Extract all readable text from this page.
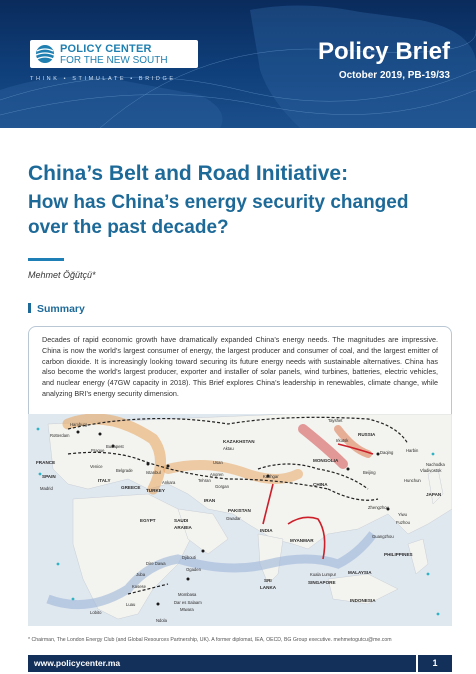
POLICY CENTER
FOR THE NEW SOUTH
THINK • STIMULATE • BRIDGE
Policy Brief
October 2019, PB-19/33
China’s Belt and Road Initiative:
How has China’s energy security changed over the past decade?
Mehmet Öğütçü*
Summary
Decades of rapid economic growth have dramatically expanded China’s energy needs. The magnitudes are impressive. China is now the world’s largest consumer of energy, the largest producer and consumer of coal, and the largest emitter of carbon dioxide. It is increasingly looking toward securing its future energy needs with sustainable alternatives. China has also become the world’s largest producer, exporter and installer of solar panels, wind turbines, batteries, electric vehicles, and nuclear energy (47GW capacity in 2018). This Brief explores China’s leadership in renewables, climate change, while analyzing BRI’s energy security dimension.
Hamburg
Rotterdam
Prague
Budapest
FRANCE
SPAIN
Madrid
Venice
Belgrade
ITALY
GREECE
Istanbul
Ankara
TURKEY
RUSSIA
Irkutsk
Tayshet
KAZAKHSTAN
Aktau
MONGOLIA
Daqing	Harbin
Nachodka
Vladivostok
Hunchun
Beijing
CHINA
JAPAN
Usan
Angren	Kashgar
Tehran
Gorgan
IRAN
PAKISTAN
Gwadar
EGYPT	SAUDI
ARABIA
INDIA
MYANMAR
Zhengzhou
Yiwu
Fuzhou
Guangzhou
PHILIPPINES
Djibouti
Dire Dawa
Juba
Ogaden
Kasese
Mombasa
Dar es Salaam
Mtwara
Luau
Lobito
Ndola
SRI
LANKA
Kuala Lumpur
SINGAPORE
MALAYSIA
INDONESIA
* Chairman, The London Energy Club (and Global Resources Partnership, UK). A former diplomat, IEA, OECD, BG Group executive. mehmetogutcu@me.com
www.policycenter.ma	1
